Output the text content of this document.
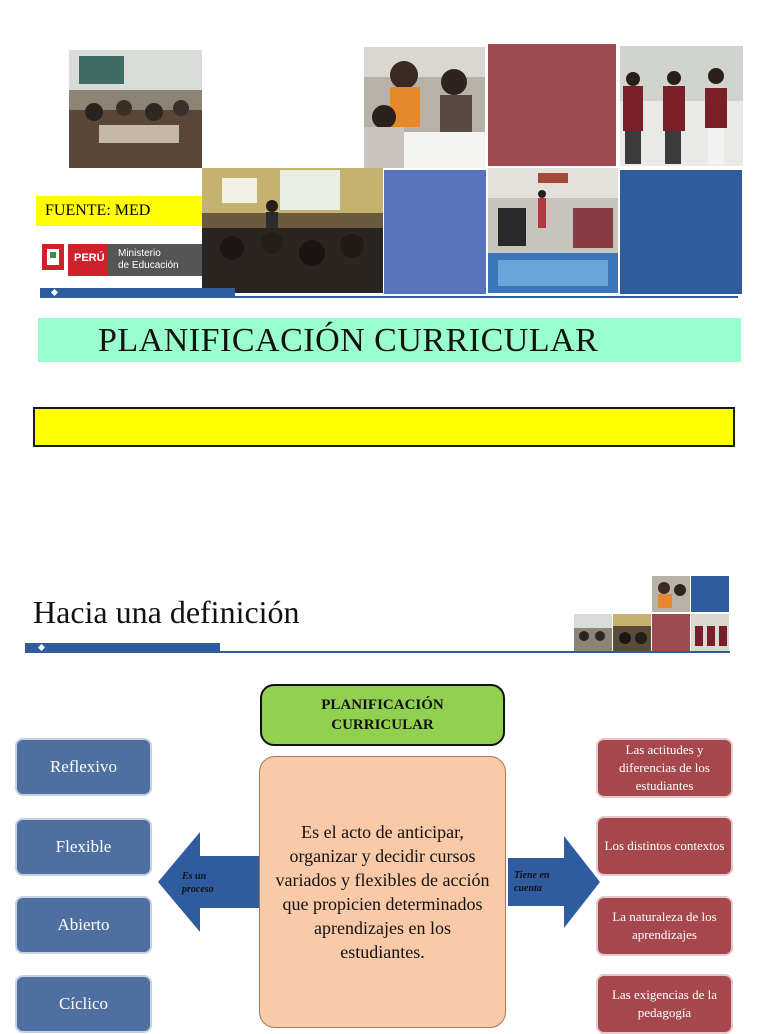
FUENTE: MED
PERÚ Ministerio
de Educación
PLANIFICACIÓN CURRICULAR
Hacia una definición
PLANIFICACIÓN
CURRICULAR
Reflexivo
Flexible
Abierto
Cíclico
Es un
proceso
Es el acto de anticipar, organizar y decidir cursos variados y flexibles de acción que propicien determinados aprendizajes en los estudiantes.
Tiene en
cuenta
Las actitudes y diferencias de los estudiantes
Los distintos contextos
La naturaleza de los aprendizajes
Las exigencias de la pedagogía
